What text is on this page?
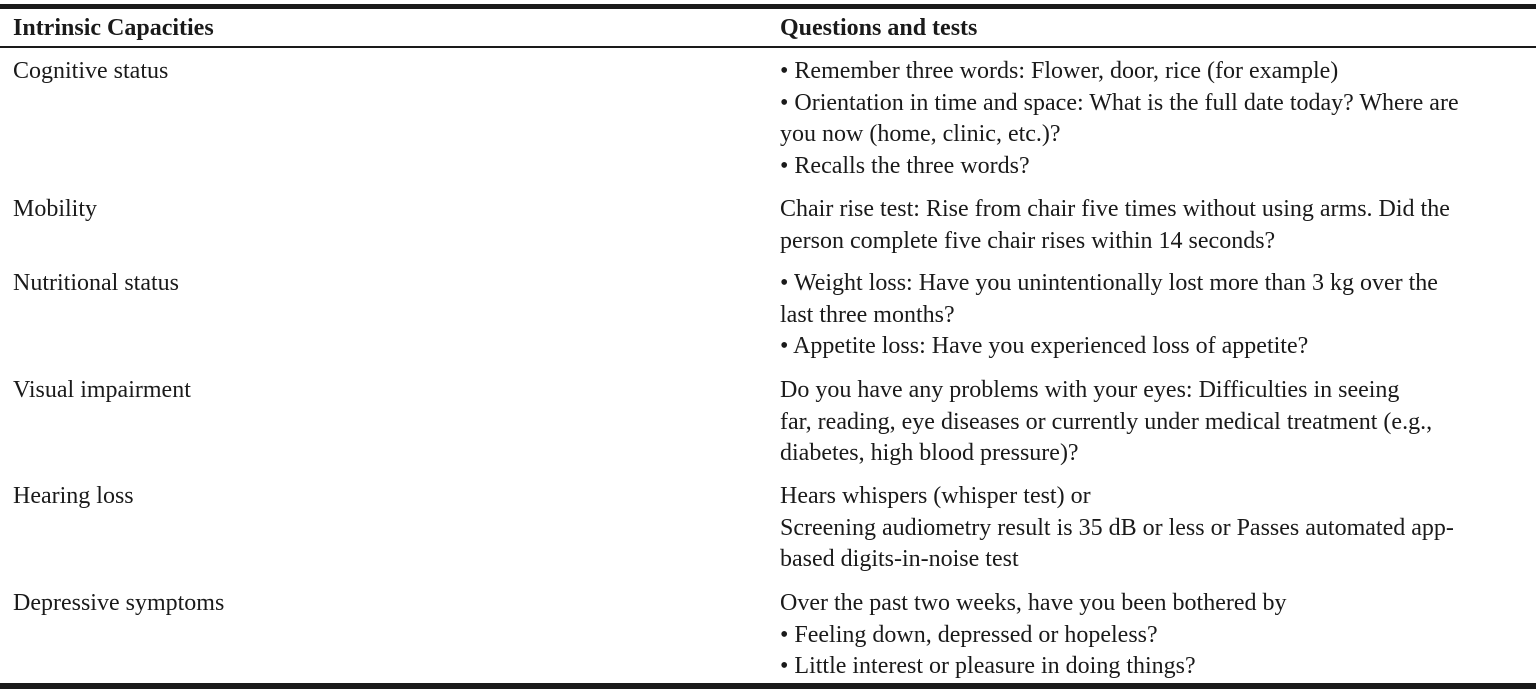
Intrinsic Capacities	Questions and tests
Cognitive status	• Remember three words: Flower, door, rice (for example)
• Orientation in time and space: What is the full date today? Where are
you now (home, clinic, etc.)?
• Recalls the three words?
Mobility	Chair rise test: Rise from chair five times without using arms. Did the
person complete five chair rises within 14 seconds?
Nutritional status	• Weight loss: Have you unintentionally lost more than 3 kg over the
last three months?
• Appetite loss: Have you experienced loss of appetite?
Visual impairment	Do you have any problems with your eyes: Difficulties in seeing
far, reading, eye diseases or currently under medical treatment (e.g.,
diabetes, high blood pressure)?
Hearing loss	Hears whispers (whisper test) or
Screening audiometry result is 35 dB or less or Passes automated app-
based digits-in-noise test
Depressive symptoms	Over the past two weeks, have you been bothered by
• Feeling down, depressed or hopeless?
• Little interest or pleasure in doing things?
